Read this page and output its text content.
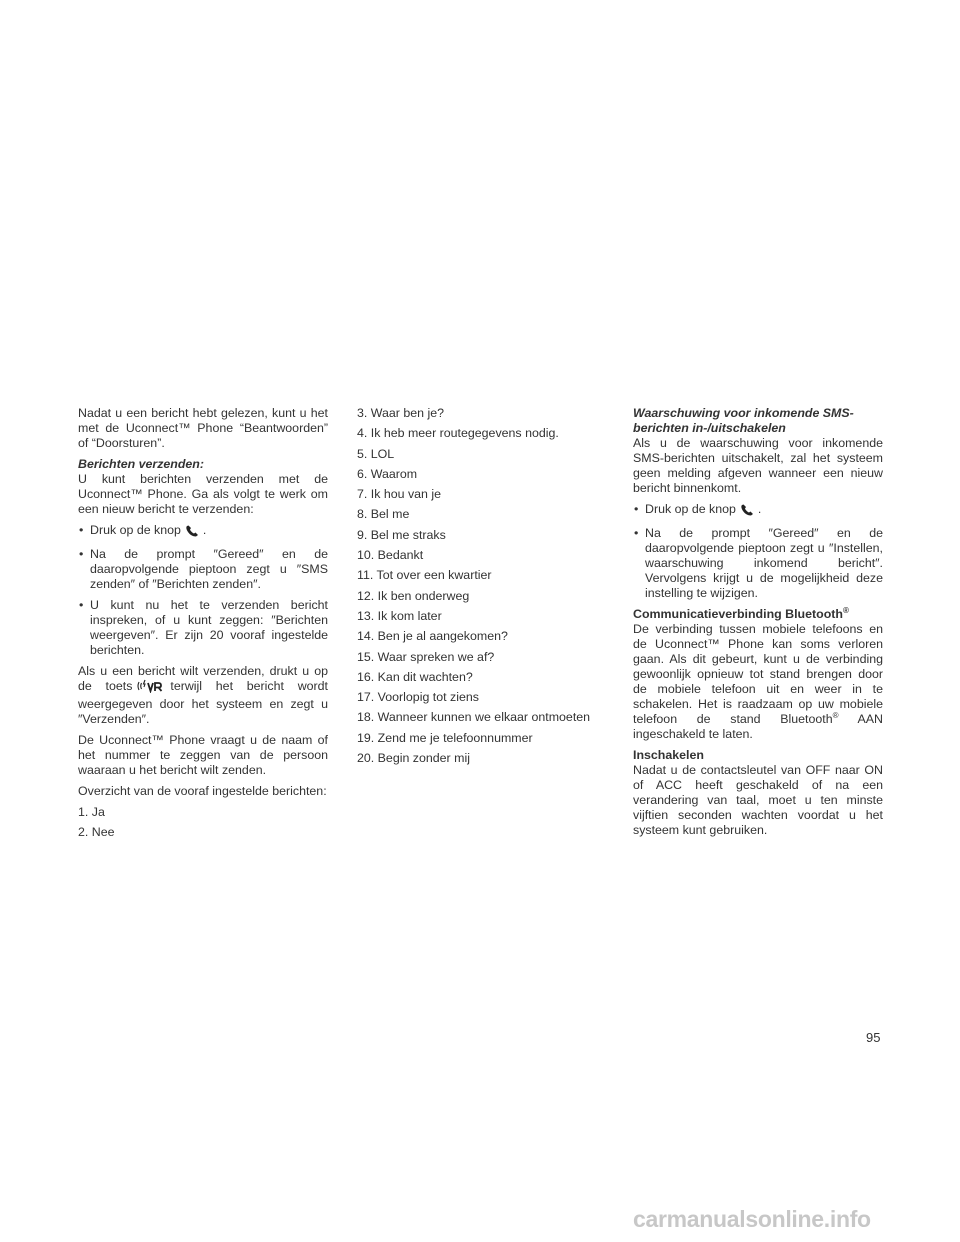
Nadat u een bericht hebt gelezen, kunt u het met de Uconnect™ Phone “Beantwoorden” of “Doorsturen”.

Berichten verzenden:

U kunt berichten verzenden met de Uconnect™ Phone. Ga als volgt te werk om een nieuw bericht te verzenden:

• Druk op de knop .
• Na de prompt ″Gereed″ en de daaropvolgende pieptoon zegt u ″SMS zenden″ of ″Berichten zenden″.
• U kunt nu het te verzenden bericht inspreken, of u kunt zeggen: ″Berichten weergeven″. Er zijn 20 vooraf ingestelde berichten.

Als u een bericht wilt verzenden, drukt u op de toets	terwijl het bericht wordt weergegeven door het systeem en zegt u ″Verzenden″.

De Uconnect™ Phone vraagt u de naam of het nummer te zeggen van de persoon waaraan u het bericht wilt zenden.

Overzicht van de vooraf ingestelde berichten:

1. Ja
2. Nee
3. Waar ben je?
4. Ik heb meer routegegevens nodig.
5. LOL
6. Waarom
7. Ik hou van je
8. Bel me
9. Bel me straks
10. Bedankt
11. Tot over een kwartier
12. Ik ben onderweg
13. Ik kom later
14. Ben je al aangekomen?
15. Waar spreken we af?
16. Kan dit wachten?
17. Voorlopig tot ziens
18. Wanneer kunnen we elkaar ontmoeten
19. Zend me je telefoonnummer
20. Begin zonder mij

Waarschuwing voor inkomende SMS-berichten in-/uitschakelen

Als u de waarschuwing voor inkomende SMS-berichten uitschakelt, zal het systeem geen melding afgeven wanneer een nieuw bericht binnenkomt.

• Druk op de knop .
• Na de prompt ″Gereed″ en de daaropvolgende pieptoon zegt u ″Instellen, waarschuwing inkomend bericht″. Vervolgens krijgt u de mogelijkheid deze instelling te wijzigen.

Communicatieverbinding Bluetooth®

De verbinding tussen mobiele telefoons en de Uconnect™ Phone kan soms verloren gaan. Als dit gebeurt, kunt u de verbinding gewoonlijk opnieuw tot stand brengen door de mobiele telefoon uit en weer in te schakelen. Het is raadzaam op uw mobiele telefoon de stand Bluetooth® AAN ingeschakeld te laten.

Inschakelen

Nadat u de contactsleutel van OFF naar ON of ACC heeft geschakeld of na een verandering van taal, moet u ten minste vijftien seconden wachten voordat u het systeem kunt gebruiken.

95
carmanualsonline.info
